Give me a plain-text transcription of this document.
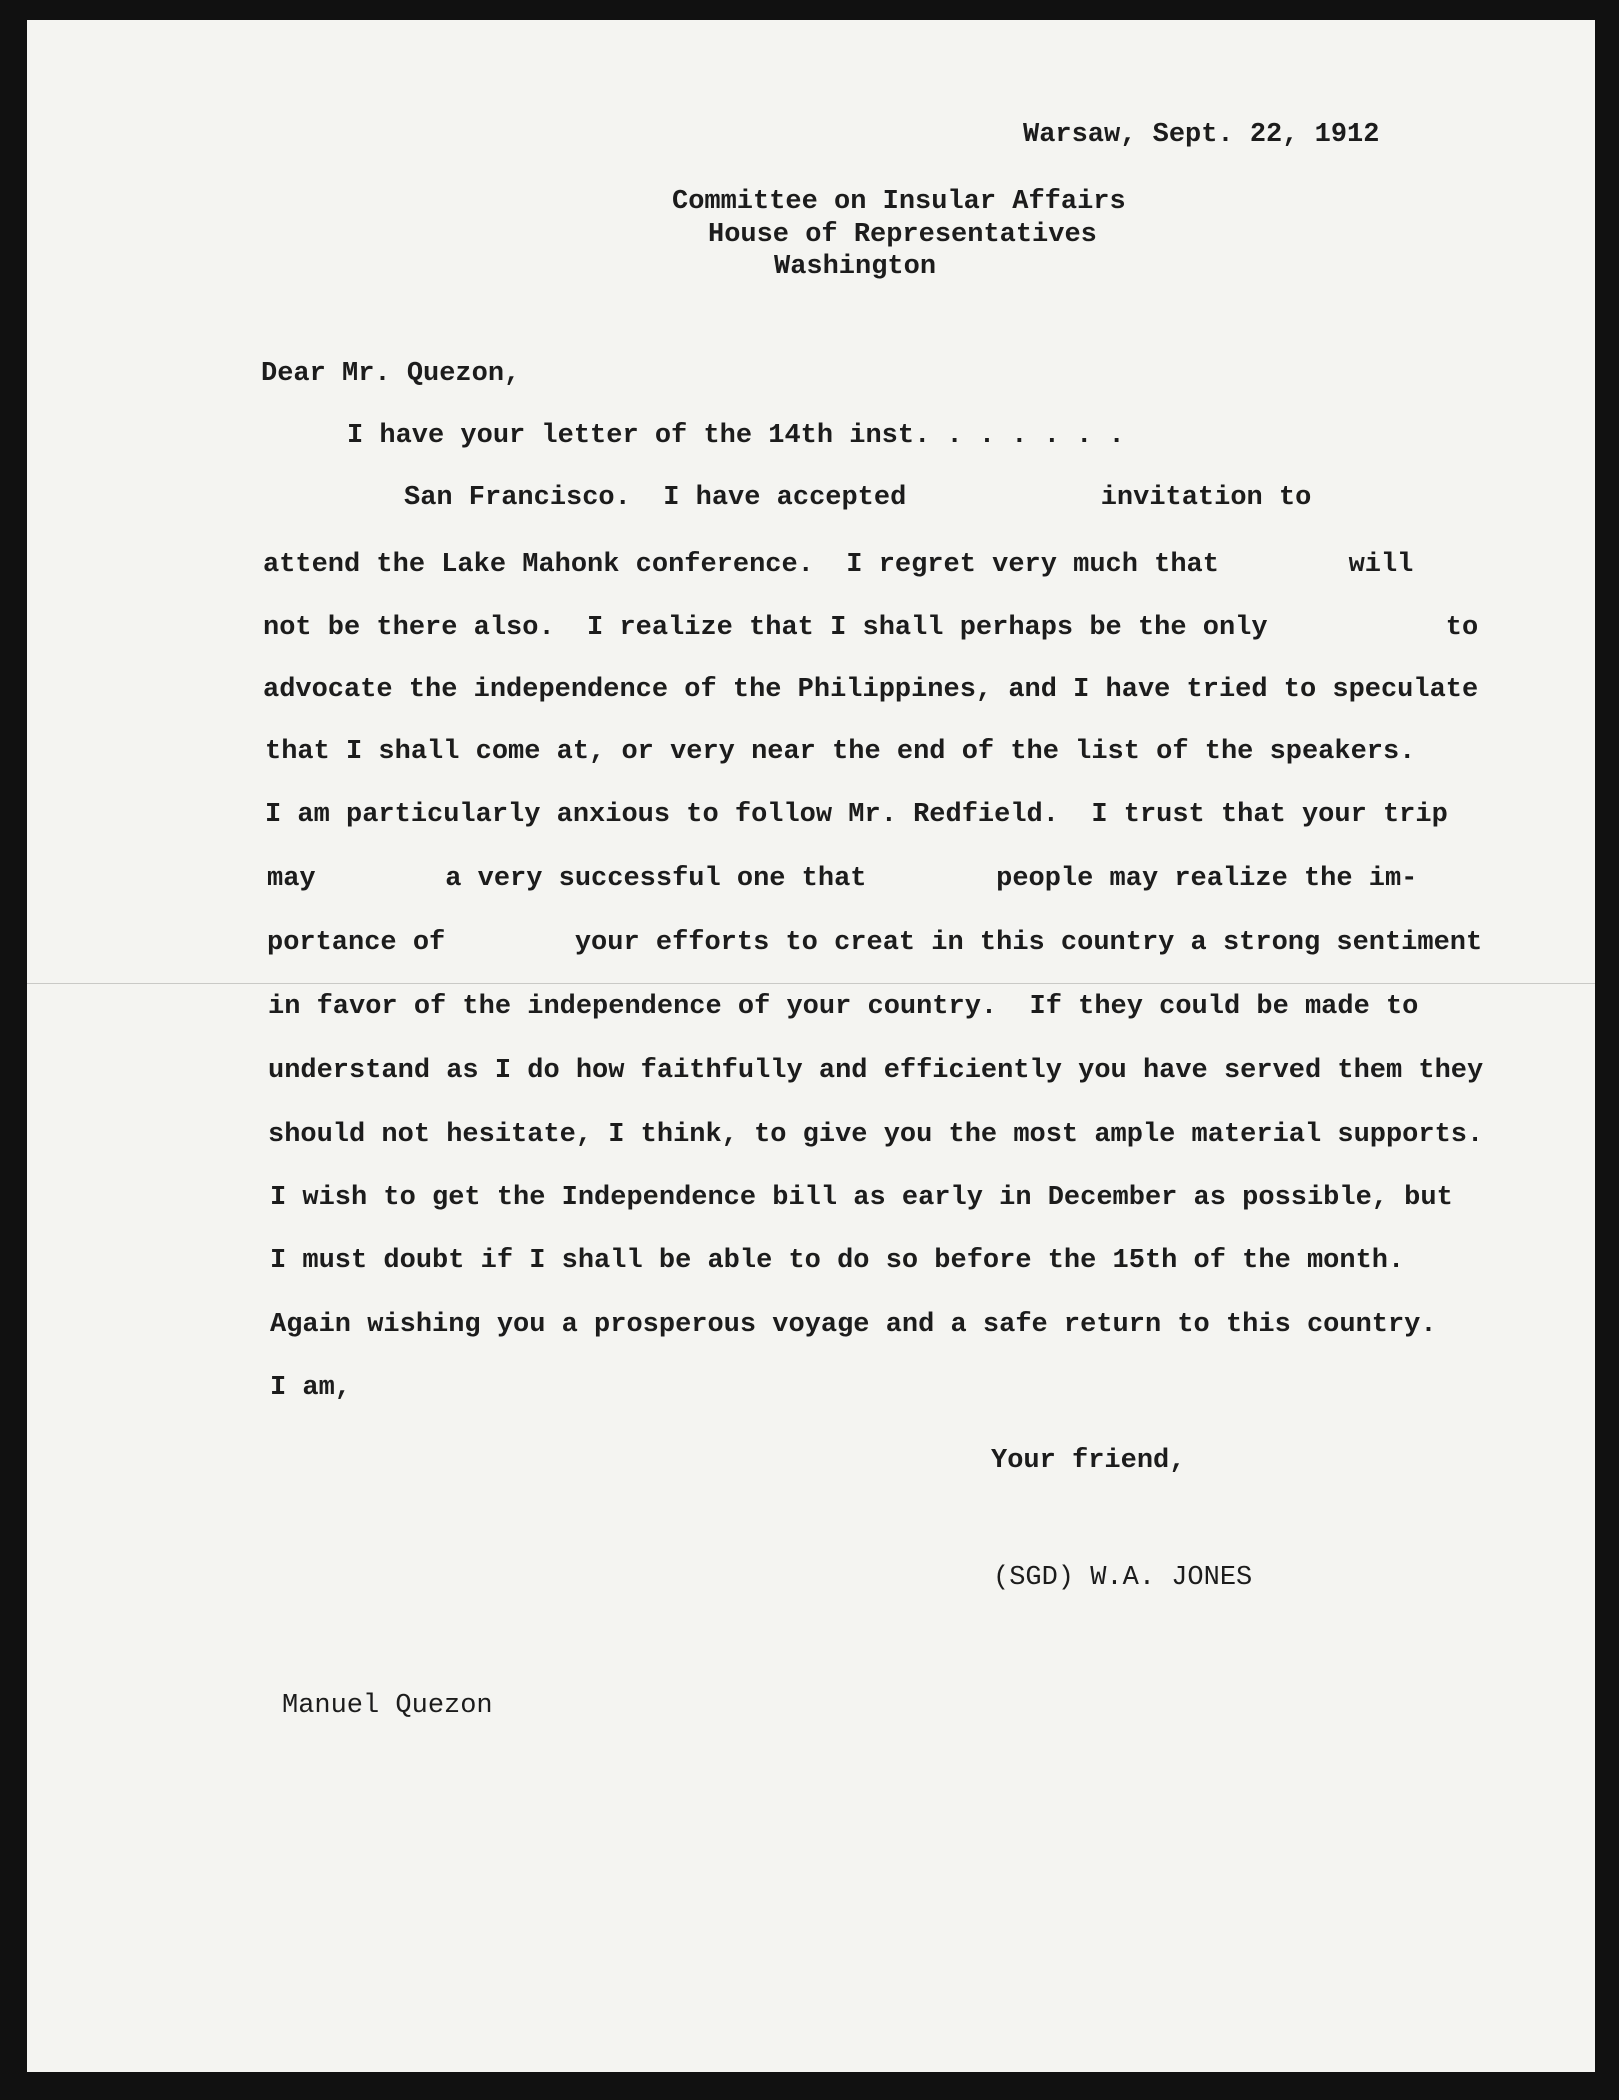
Warsaw, Sept. 22, 1912

Committee on Insular Affairs

House of Representatives

Washington

Dear Mr. Quezon,

I have your letter of the 14th inst. . . . . . .

San Francisco.  I have accepted            invitation to

attend the Lake Mahonk conference.  I regret very much that        will

not be there also.  I realize that I shall perhaps be the only           to

advocate the independence of the Philippines, and I have tried to speculate

that I shall come at, or very near the end of the list of the speakers.

I am particularly anxious to follow Mr. Redfield.  I trust that your trip

may        a very successful one that        people may realize the im-

portance of        your efforts to creat in this country a strong sentiment

in favor of the independence of your country.  If they could be made to

understand as I do how faithfully and efficiently you have served them they

should not hesitate, I think, to give you the most ample material supports.

I wish to get the Independence bill as early in December as possible, but

I must doubt if I shall be able to do so before the 15th of the month.

Again wishing you a prosperous voyage and a safe return to this country.

I am,

Your friend,

(SGD) W.A. JONES

Manuel Quezon
